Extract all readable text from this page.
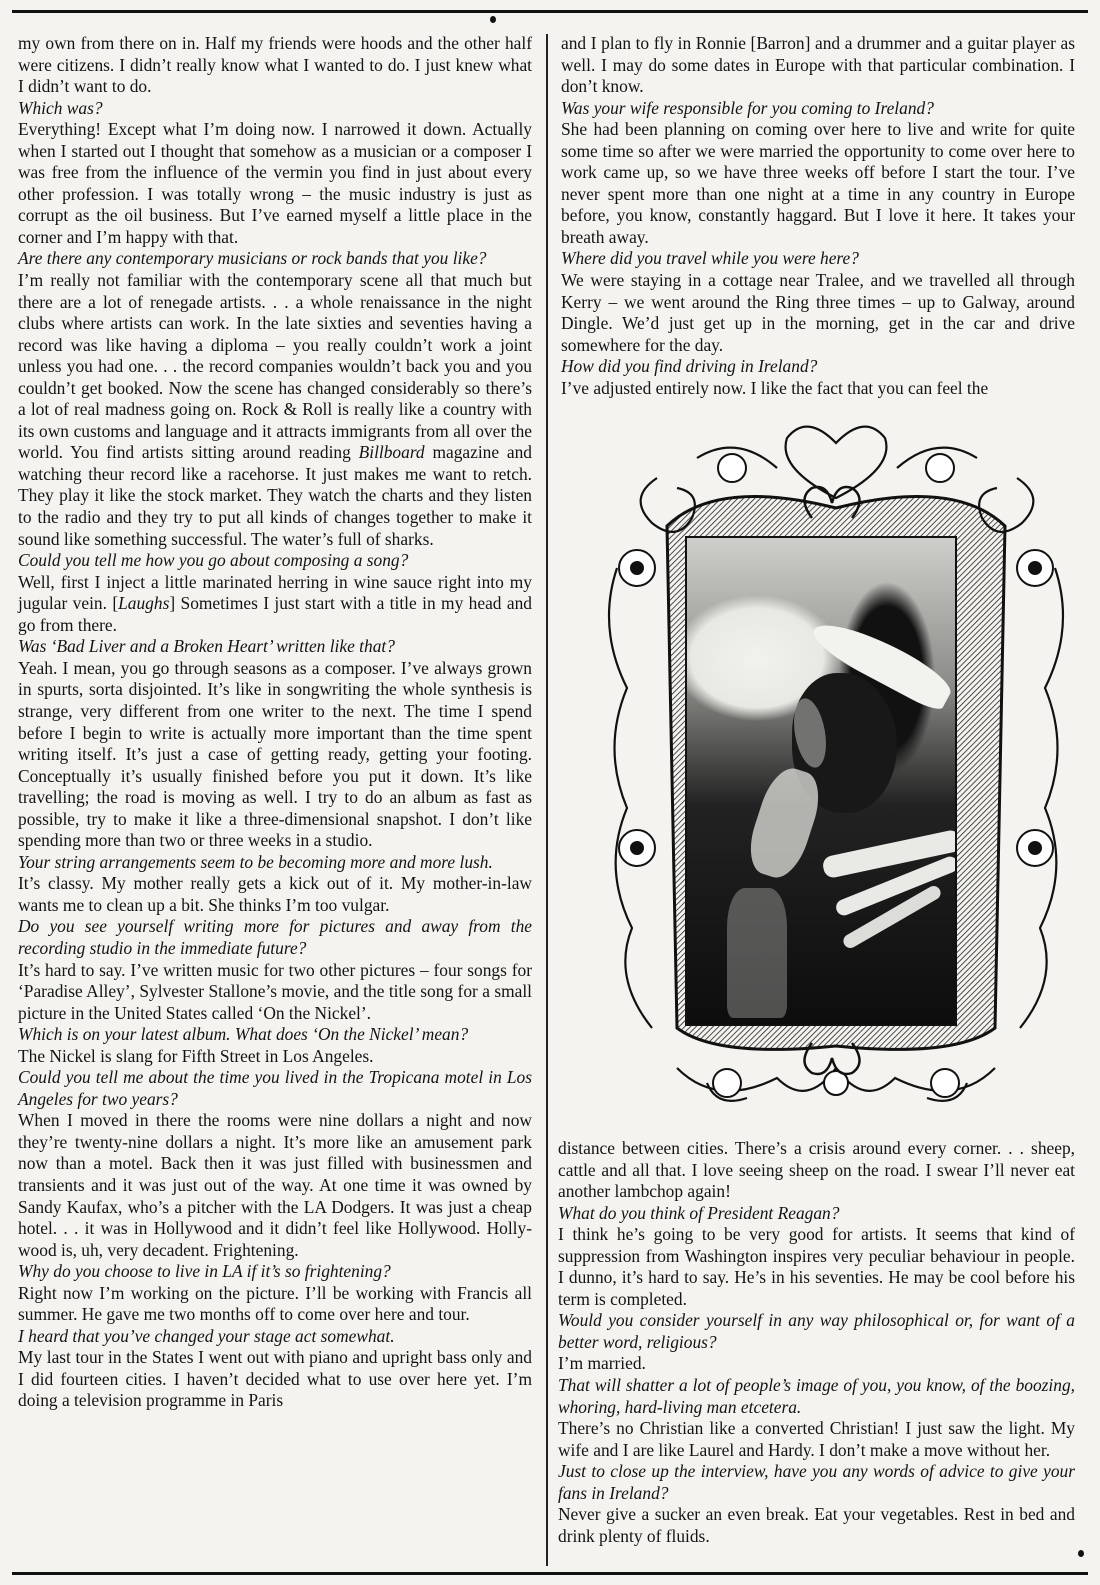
my own from there on in. Half my friends were hoods and the other half were citizens. I didn’t really know what I wanted to do. I just knew what I didn’t want to do.

Which was?

Everything! Except what I’m doing now. I narrowed it down. Actually when I started out I thought that somehow as a musician or a composer I was free from the influence of the vermin you find in just about every other profession. I was totally wrong – the music industry is just as corrupt as the oil business. But I’ve earned myself a little place in the corner and I’m happy with that.

Are there any contemporary musicians or rock bands that you like?

I’m really not familiar with the contemporary scene all that much but there are a lot of renegade artists. . . a whole renaissance in the night clubs where artists can work. In the late sixties and seventies having a record was like having a diploma – you really couldn’t work a joint unless you had one. . . the record companies wouldn’t back you and you couldn’t get booked. Now the scene has changed considerably so there’s a lot of real madness going on. Rock & Roll is really like a country with its own customs and language and it attracts immigrants from all over the world. You find artists sitting around reading Billboard magazine and watching theur record like a racehorse. It just makes me want to retch. They play it like the stock market. They watch the charts and they listen to the radio and they try to put all kinds of changes together to make it sound like something successful. The water’s full of sharks.

Could you tell me how you go about composing a song?

Well, first I inject a little marinated herring in wine sauce right into my jugular vein. [Laughs] Sometimes I just start with a title in my head and go from there.

Was ‘Bad Liver and a Broken Heart’ written like that?

Yeah. I mean, you go through seasons as a composer. I’ve always grown in spurts, sorta disjointed. It’s like in songwriting the whole synthesis is strange, very different from one writer to the next. The time I spend before I begin to write is actually more important than the time spent writing itself. It’s just a case of getting ready, getting your footing. Conceptually it’s usually finished before you put it down. It’s like travelling; the road is moving as well. I try to do an album as fast as possible, try to make it like a three-dimensional snapshot. I don’t like spending more than two or three weeks in a studio.

Your string arrangements seem to be becoming more and more lush.

It’s classy. My mother really gets a kick out of it. My mother-in-law wants me to clean up a bit. She thinks I’m too vulgar.

Do you see yourself writing more for pictures and away from the recording studio in the immediate future?

It’s hard to say. I’ve written music for two other pictures – four songs for ‘Paradise Alley’, Sylvester Stallone’s movie, and the title song for a small picture in the United States called ‘On the Nickel’.

Which is on your latest album. What does ‘On the Nickel’ mean?

The Nickel is slang for Fifth Street in Los Angeles.

Could you tell me about the time you lived in the Tropicana motel in Los Angeles for two years?

When I moved in there the rooms were nine dollars a night and now they’re twenty-nine dollars a night. It’s more like an amusement park now than a motel. Back then it was just filled with businessmen and transients and it was just out of the way. At one time it was owned by Sandy Kaufax, who’s a pitcher with the LA Dodgers. It was just a cheap hotel. . . it was in Hollywood and it didn’t feel like Hollywood. Hollywood is, uh, very decadent. Frightening.

Why do you choose to live in LA if it’s so frightening?

Right now I’m working on the picture. I’ll be working with Francis all summer. He gave me two months off to come over here and tour.

I heard that you’ve changed your stage act somewhat.

My last tour in the States I went out with piano and upright bass only and I did fourteen cities. I haven’t decided what to use over here yet. I’m doing a television programme in Paris

and I plan to fly in Ronnie [Barron] and a drummer and a guitar player as well. I may do some dates in Europe with that particular combination. I don’t know.

Was your wife responsible for you coming to Ireland?

She had been planning on coming over here to live and write for quite some time so after we were married the opportunity to come over here to work came up, so we have three weeks off before I start the tour. I’ve never spent more than one night at a time in any country in Europe before, you know, constantly haggard. But I love it here. It takes your breath away.

Where did you travel while you were here?

We were staying in a cottage near Tralee, and we travelled all through Kerry – we went around the Ring three times – up to Galway, around Dingle. We’d just get up in the morning, get in the car and drive somewhere for the day.

How did you find driving in Ireland?

I’ve adjusted entirely now. I like the fact that you can feel the

distance between cities. There’s a crisis around every corner. . . sheep, cattle and all that. I love seeing sheep on the road. I swear I’ll never eat another lambchop again!

What do you think of President Reagan?

I think he’s going to be very good for artists. It seems that kind of suppression from Washington inspires very peculiar behaviour in people. I dunno, it’s hard to say. He’s in his seventies. He may be cool before his term is completed.

Would you consider yourself in any way philosophical or, for want of a better word, religious?

I’m married.

That will shatter a lot of people’s image of you, you know, of the boozing, whoring, hard-living man etcetera.

There’s no Christian like a converted Christian! I just saw the light. My wife and I are like Laurel and Hardy. I don’t make a move without her.

Just to close up the interview, have you any words of advice to give your fans in Ireland?

Never give a sucker an even break. Eat your vegetables. Rest in bed and drink plenty of fluids.
